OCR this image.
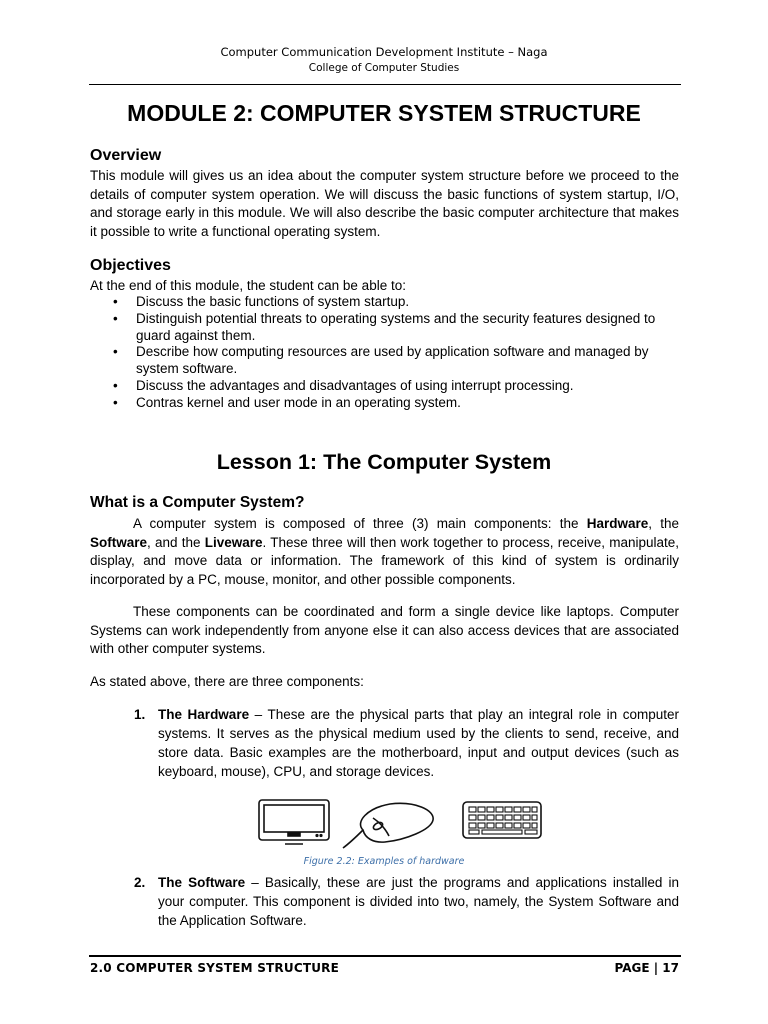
Computer Communication Development Institute – Naga
College of Computer Studies
MODULE 2: COMPUTER SYSTEM STRUCTURE
Overview
This module will gives us an idea about the computer system structure before we proceed to the details of computer system operation. We will discuss the basic functions of system startup, I/O, and storage early in this module. We will also describe the basic computer architecture that makes it possible to write a functional operating system.
Objectives
At the end of this module, the student can be able to:
• Discuss the basic functions of system startup.
• Distinguish potential threats to operating systems and the security features designed to guard against them.
• Describe how computing resources are used by application software and managed by system software.
• Discuss the advantages and disadvantages of using interrupt processing.
• Contras kernel and user mode in an operating system.
Lesson 1: The Computer System
What is a Computer System?

A computer system is composed of three (3) main components: the Hardware, the Software, and the Liveware. These three will then work together to process, receive, manipulate, display, and move data or information. The framework of this kind of system is ordinarily incorporated by a PC, mouse, monitor, and other possible components.

These components can be coordinated and form a single device like laptops. Computer Systems can work independently from anyone else it can also access devices that are associated with other computer systems.

As stated above, there are three components:
1. The Hardware – These are the physical parts that play an integral role in computer systems. It serves as the physical medium used by the clients to send, receive, and store data. Basic examples are the motherboard, input and output devices (such as keyboard, mouse), CPU, and storage devices.
Figure 2.2: Examples of hardware
2. The Software – Basically, these are just the programs and applications installed in your computer. This component is divided into two, namely, the System Software and the Application Software.
2.0 COMPUTER SYSTEM STRUCTURE	PAGE | 17
